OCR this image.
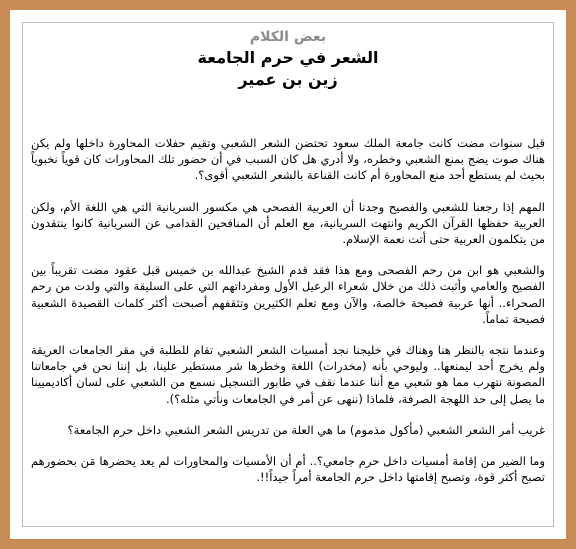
بعض الكلام
الشعر في حرم الجامعة
زين بن عمير

قبل سنوات مضت كانت جامعة الملك سعود تحتضن الشعر الشعبي وتقيم حفلات المحاورة داخلها ولم يكن هناك صوت يضج بمنع الشعبي وخطره، ولا أدري هل كان السبب في أن حضور تلك المحاورات كان قوياً نخبوياً بحيث لم يستطع أحد منع المحاورة أم كانت القناعة بالشعر الشعبي أقوى؟.

المهم إذا رجعنا للشعبي والفصيح وجدنا أن العربية الفصحى هي مكسور السريانية التي هي اللغة الأم، ولكن العربية حفظها القرآن الكريم وانتهت السريانية، مع العلم أن المنافحين القدامى عن السريانية كانوا ينتقدون من يتكلمون العربية حتى أتت نعمة الإسلام.

والشعبي هو ابن من رحم الفصحى ومع هذا فقد قدم الشيخ عبدالله بن خميس قبل عقود مضت تقريباً بين الفصيح والعامي وأثبت ذلك من خلال شعراء الرعيل الأول ومفرداتهم التي على السليقة والتي ولدت من رحم الصحراء.. أنها عربية فصيحة خالصة، والآن ومع تعلم الكثيرين وتثقفهم أصبحت أكثر كلمات القصيدة الشعبية فصيحة تماماً.

وعندما نتجه بالنظر هنا وهناك في خليجنا نجد أمسيات الشعر الشعبي تقام للطلبة في مقر الجامعات العريقة ولم يخرج أحد ليمنعها.. وليوحي بأنه (مخدرات) اللغة وخطرها شر مستطير علينا، بل إننا نحن في جامعاتنا المصونة نتهرب مما هو شعبي مع أننا عندما نقف في طابور التسجيل نسمع من الشعبي على لسان أكاديميينا ما يصل إلى حد اللهجة الصرفة، فلماذا (ننهى عن أمر في الجامعات ونأتي مثله؟).

غريب أمر الشعر الشعبي (مأكول مذموم) ما هي العلة من تدريس الشعر الشعبي داخل حرم الجامعة؟

وما الضير من إقامة أمسيات داخل حرم جامعي؟.. أم أن الأمسيات والمحاورات لم يعد يحضرها مَن بحضورهم تصبح أكثر قوة، وتصبح إقامتها داخل حرم الجامعة أمراً جيداً!!.
